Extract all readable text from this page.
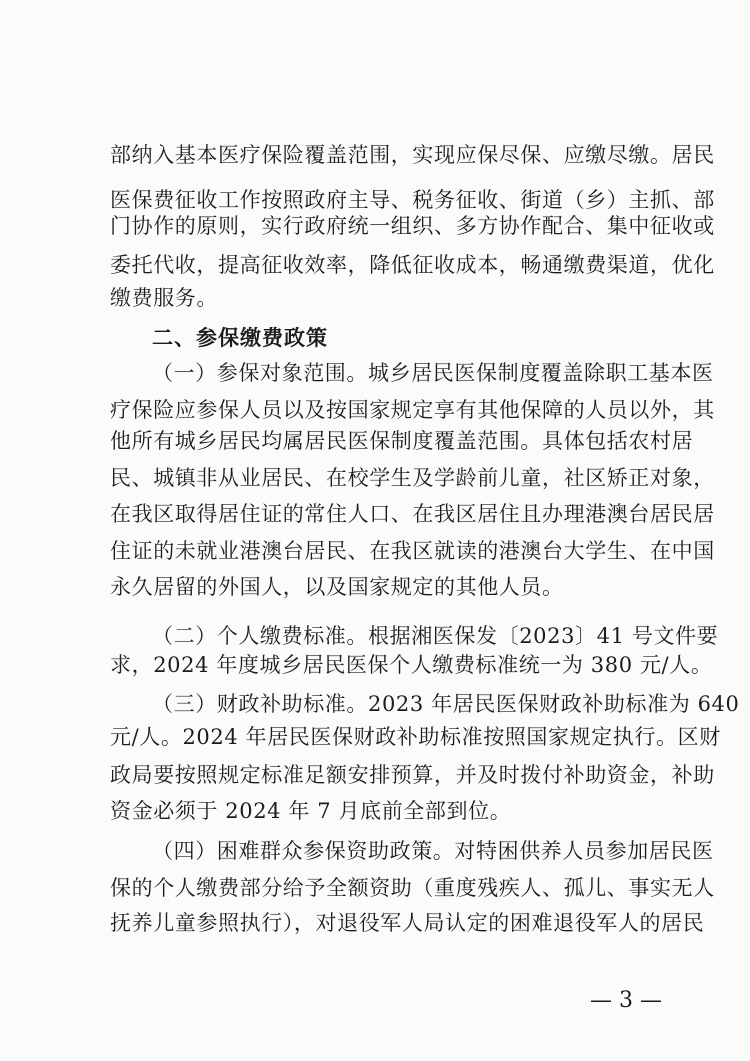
部纳入基本医疗保险覆盖范围，实现应保尽保、应缴尽缴。居民
医保费征收工作按照政府主导、税务征收、街道（乡）主抓、部
门协作的原则，实行政府统一组织、多方协作配合、集中征收或
委托代收，提高征收效率，降低征收成本，畅通缴费渠道，优化
缴费服务。
二、参保缴费政策
（一）参保对象范围。城乡居民医保制度覆盖除职工基本医
疗保险应参保人员以及按国家规定享有其他保障的人员以外，其
他所有城乡居民均属居民医保制度覆盖范围。具体包括农村居
民、城镇非从业居民、在校学生及学龄前儿童，社区矫正对象，
在我区取得居住证的常住人口、在我区居住且办理港澳台居民居
住证的未就业港澳台居民、在我区就读的港澳台大学生、在中国
永久居留的外国人，以及国家规定的其他人员。
（二）个人缴费标准。根据湘医保发〔2023〕41 号文件要
求，2024 年度城乡居民医保个人缴费标准统一为 380 元/人。
（三）财政补助标准。2023 年居民医保财政补助标准为 640
元/人。2024 年居民医保财政补助标准按照国家规定执行。区财
政局要按照规定标准足额安排预算，并及时拨付补助资金，补助
资金必须于 2024 年 7 月底前全部到位。
（四）困难群众参保资助政策。对特困供养人员参加居民医
保的个人缴费部分给予全额资助（重度残疾人、孤儿、事实无人
抚养儿童参照执行），对退役军人局认定的困难退役军人的居民
— 3 —
